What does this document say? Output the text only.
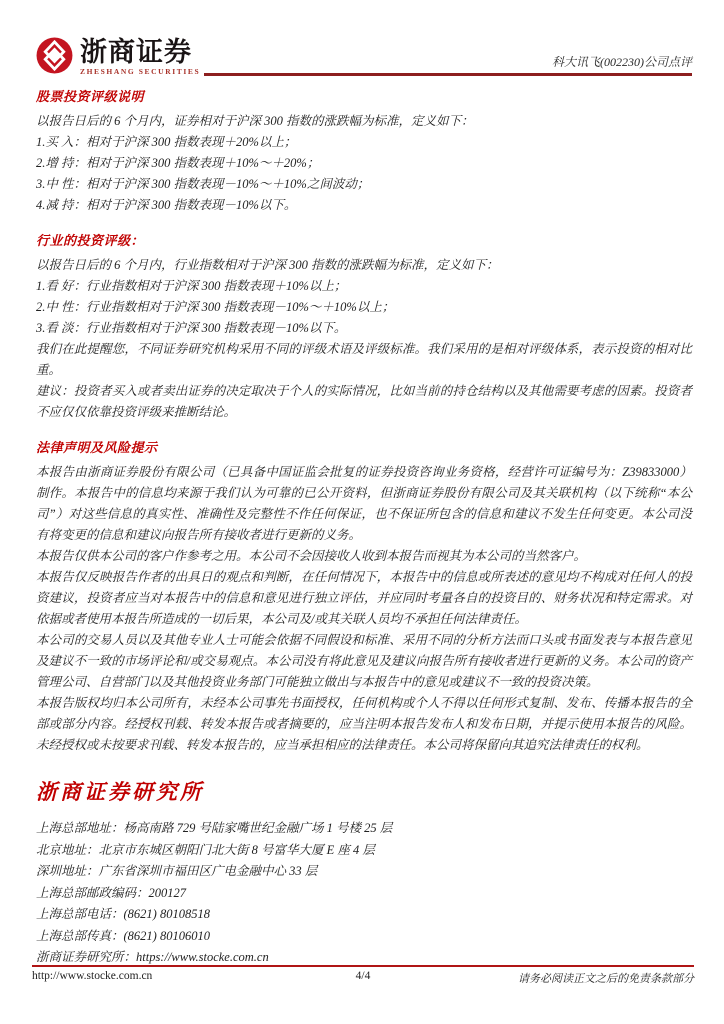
浙商证券
ZHESHANG SECURITIES
科大讯飞(002230)公司点评
股票投资评级说明
以报告日后的 6 个月内，证券相对于沪深 300 指数的涨跌幅为标准，定义如下：
1.买 入：相对于沪深 300 指数表现＋20%以上；
2.增 持：相对于沪深 300 指数表现＋10%～＋20%；
3.中 性：相对于沪深 300 指数表现－10%～＋10%之间波动；
4.减 持：相对于沪深 300 指数表现－10%以下。
行业的投资评级：
以报告日后的 6 个月内，行业指数相对于沪深 300 指数的涨跌幅为标准，定义如下：
1.看 好：行业指数相对于沪深 300 指数表现＋10%以上；
2.中 性：行业指数相对于沪深 300 指数表现－10%～＋10%以上；
3.看 淡：行业指数相对于沪深 300 指数表现－10%以下。
我们在此提醒您，不同证券研究机构采用不同的评级术语及评级标准。我们采用的是相对评级体系，表示投资的相对比重。
建议：投资者买入或者卖出证券的决定取决于个人的实际情况，比如当前的持仓结构以及其他需要考虑的因素。投资者不应仅仅依靠投资评级来推断结论。
法律声明及风险提示

本报告由浙商证券股份有限公司（已具备中国证监会批复的证券投资咨询业务资格，经营许可证编号为：Z39833000）制作。本报告中的信息均来源于我们认为可靠的已公开资料，但浙商证券股份有限公司及其关联机构（以下统称“本公司”）对这些信息的真实性、准确性及完整性不作任何保证，也不保证所包含的信息和建议不发生任何变更。本公司没有将变更的信息和建议向报告所有接收者进行更新的义务。

本报告仅供本公司的客户作参考之用。本公司不会因接收人收到本报告而视其为本公司的当然客户。

本报告仅反映报告作者的出具日的观点和判断，在任何情况下，本报告中的信息或所表述的意见均不构成对任何人的投资建议，投资者应当对本报告中的信息和意见进行独立评估，并应同时考量各自的投资目的、财务状况和特定需求。对依据或者使用本报告所造成的一切后果，本公司及/或其关联人员均不承担任何法律责任。

本公司的交易人员以及其他专业人士可能会依据不同假设和标准、采用不同的分析方法而口头或书面发表与本报告意见及建议不一致的市场评论和/或交易观点。本公司没有将此意见及建议向报告所有接收者进行更新的义务。本公司的资产管理公司、自营部门以及其他投资业务部门可能独立做出与本报告中的意见或建议不一致的投资决策。

本报告版权均归本公司所有，未经本公司事先书面授权，任何机构或个人不得以任何形式复制、发布、传播本报告的全部或部分内容。经授权刊载、转发本报告或者摘要的，应当注明本报告发布人和发布日期，并提示使用本报告的风险。未经授权或未按要求刊载、转发本报告的，应当承担相应的法律责任。本公司将保留向其追究法律责任的权利。

浙商证券研究所
上海总部地址：杨高南路 729 号陆家嘴世纪金融广场 1 号楼 25 层
北京地址：北京市东城区朝阳门北大街 8 号富华大厦 E 座 4 层
深圳地址：广东省深圳市福田区广电金融中心 33 层
上海总部邮政编码：200127
上海总部电话：(8621) 80108518
上海总部传真：(8621) 80106010
浙商证券研究所：https://www.stocke.com.cn
http://www.stocke.com.cn	4/4	请务必阅读正文之后的免责条款部分
